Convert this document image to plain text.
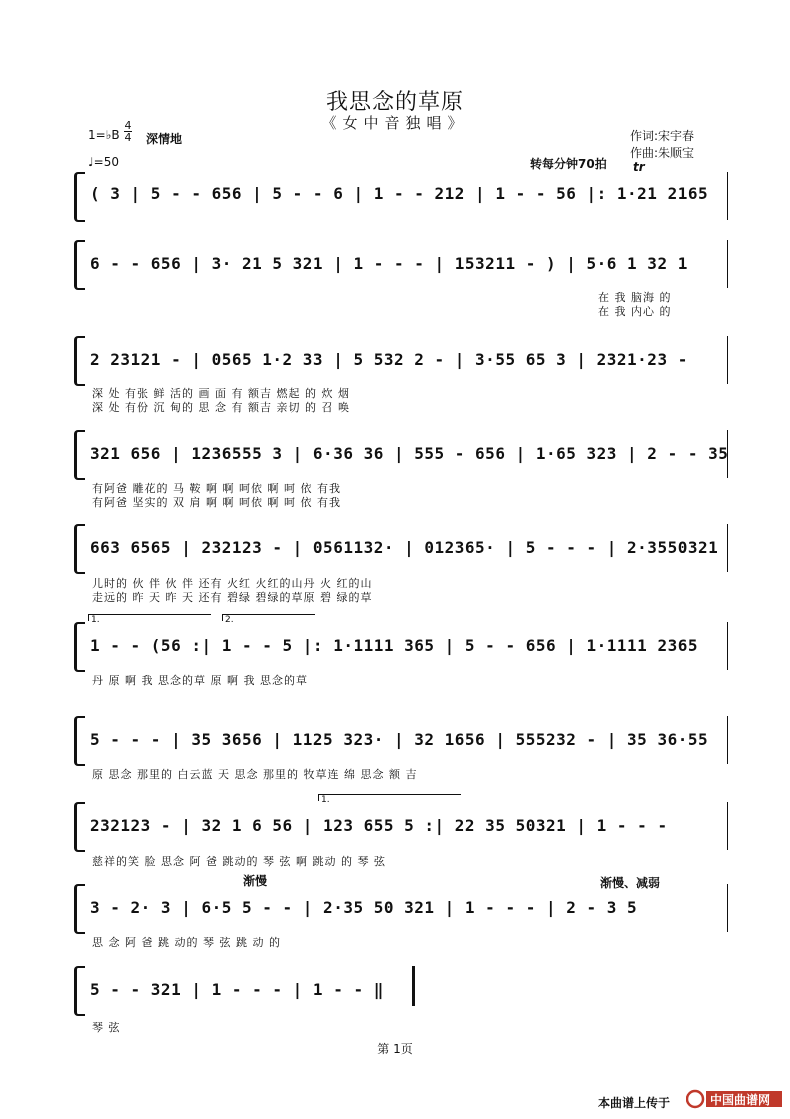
我思念的草原
《女中音独唱》
1=♭B
4
4 深情地
♩=50
作词:宋宇春
作曲:朱顺宝
转每分钟70拍 tr
( 3 | 5 - - 656 | 5 - - 6 | 1 - - 212 | 1 - - 56 |: 1·21 2165
6 - - 656 | 3· 21 5 321 | 1 - - - | 153211 - ) | 5·6 1 32 1
在 我 脑海 的
在 我 内心 的
2 23121 - | 0565 1·2 33 | 5 532 2 - | 3·55 65 3 | 2321·23 -
深 处 有张 鲜 活的 画 面 有 额吉 燃起 的 炊 烟
深 处 有份 沉 甸的 思 念 有 额吉 亲切 的 召 唤
321 656 | 1236555 3 | 6·36 36 | 555 - 656 | 1·65 323 | 2 - - 35
有阿爸 雕花的 马 鞍 啊 啊 呵依 啊 呵 依 有我
有阿爸 坚实的 双 肩 啊 啊 呵依 啊 呵 依 有我
663 6565 | 232123 - | 0561132· | 012365· | 5 - - - | 2·3550321
儿时的 伙 伴 伙 伴 还有 火红 火红的山丹 火 红的山
走远的 昨 天 昨 天 还有 碧绿 碧绿的草原 碧 绿的草
1.	2.
1 - - (56 :| 1 - - 5 |: 1·1111 365 | 5 - - 656 | 1·1111 2365
丹 原 啊 我 思念的草 原 啊 我 思念的草
5 - - - | 35 3656 | 1125 323· | 32 1656 | 555232 - | 35 36·55
原 思念 那里的 白云蓝 天 思念 那里的 牧草连 绵 思念 额 吉
1.
232123 - | 32 1 6 56 | 123 655 5 :| 22 35 50321 | 1 - - -
慈祥的笑 脸 思念 阿 爸 跳动的 琴 弦 啊 跳动 的 琴 弦
渐慢	渐慢、减弱
3 - 2· 3 | 6·5 5 - - | 2·35 50 321 | 1 - - - | 2 - 3 5
思 念 阿 爸 跳 动的 琴 弦 跳 动 的
5 - - 321 | 1 - - - | 1 - - ‖
琴 弦
第 1页
本曲谱上传于	中国曲谱网
